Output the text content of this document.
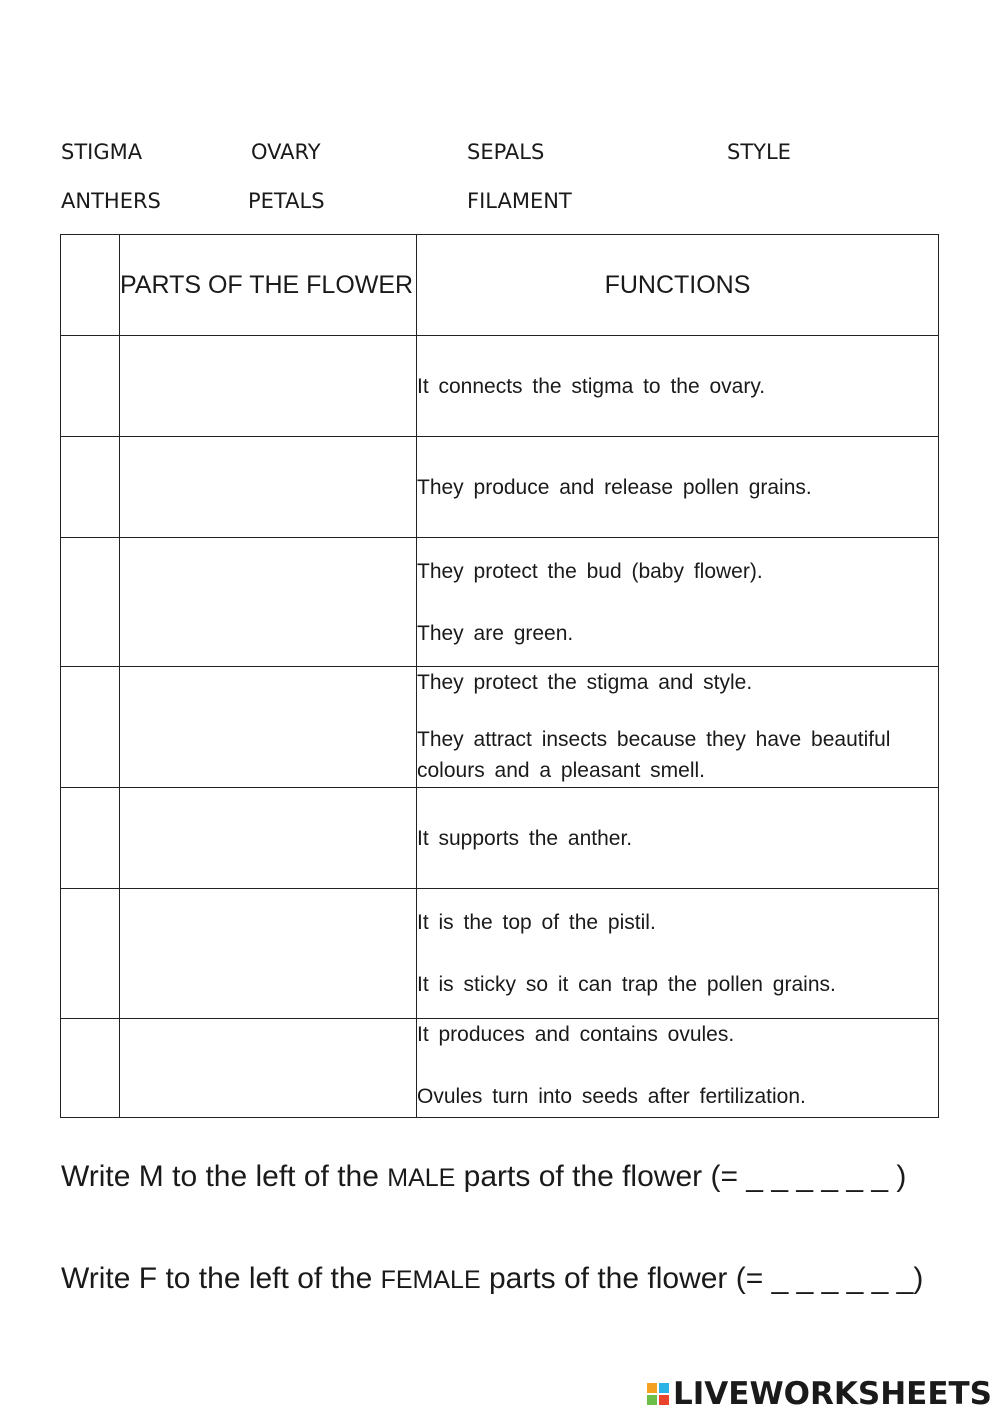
STIGMA	OVARY	SEPALS	STYLE
ANTHERS	PETALS	FILAMENT
	PARTS OF THE FLOWER	FUNCTIONS

		It connects the stigma to the ovary.

		They produce and release pollen grains.

		They protect the bud (baby flower).
They are green.

		They protect the stigma and style.
They attract insects because they have beautiful colours and a pleasant smell.

		It supports the anther.

		It is the top of the pistil.
It is sticky so it can trap the pollen grains.

		It produces and contains ovules.
Ovules turn into seeds after fertilization.
Write M to the left of the MALE parts of the flower (= _ _ _ _ _ _ )
Write F to the left of the FEMALE parts of the flower (= _ _ _ _ _ _)
LIVEWORKSHEETS
